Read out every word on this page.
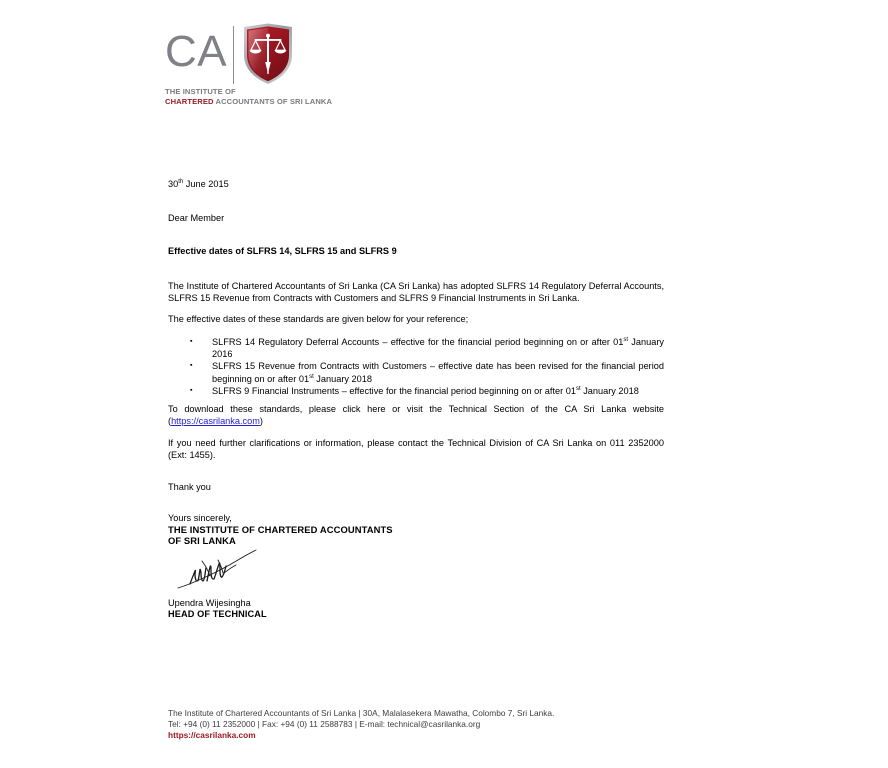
CA
THE INSTITUTE OF
CHARTERED ACCOUNTANTS OF SRI LANKA
30th June 2015
Dear Member
Effective dates of SLFRS 14, SLFRS 15 and SLFRS 9
The Institute of Chartered Accountants of Sri Lanka (CA Sri Lanka) has adopted SLFRS 14 Regulatory Deferral Accounts, SLFRS 15 Revenue from Contracts with Customers and SLFRS 9 Financial Instruments in Sri Lanka.
The effective dates of these standards are given below for your reference;
▪ SLFRS 14 Regulatory Deferral Accounts – effective for the financial period beginning on or after 01st January 2016
▪ SLFRS 15 Revenue from Contracts with Customers – effective date has been revised for the financial period beginning on or after 01st January 2018
▪ SLFRS 9 Financial Instruments – effective for the financial period beginning on or after 01st January 2018
To download these standards, please click here or visit the Technical Section of the CA Sri Lanka website (https://casrilanka.com)
If you need further clarifications or information, please contact the Technical Division of CA Sri Lanka on 011 2352000 (Ext: 1455).
Thank you
Yours sincerely,
THE INSTITUTE OF CHARTERED ACCOUNTANTS
OF SRI LANKA
Upendra Wijesingha
HEAD OF TECHNICAL
The Institute of Chartered Accountants of Sri Lanka | 30A, Malalasekera Mawatha, Colombo 7, Sri Lanka.
Tel: +94 (0) 11 2352000 | Fax: +94 (0) 11 2588783 | E-mail: technical@casrilanka.org
https://casrilanka.com
